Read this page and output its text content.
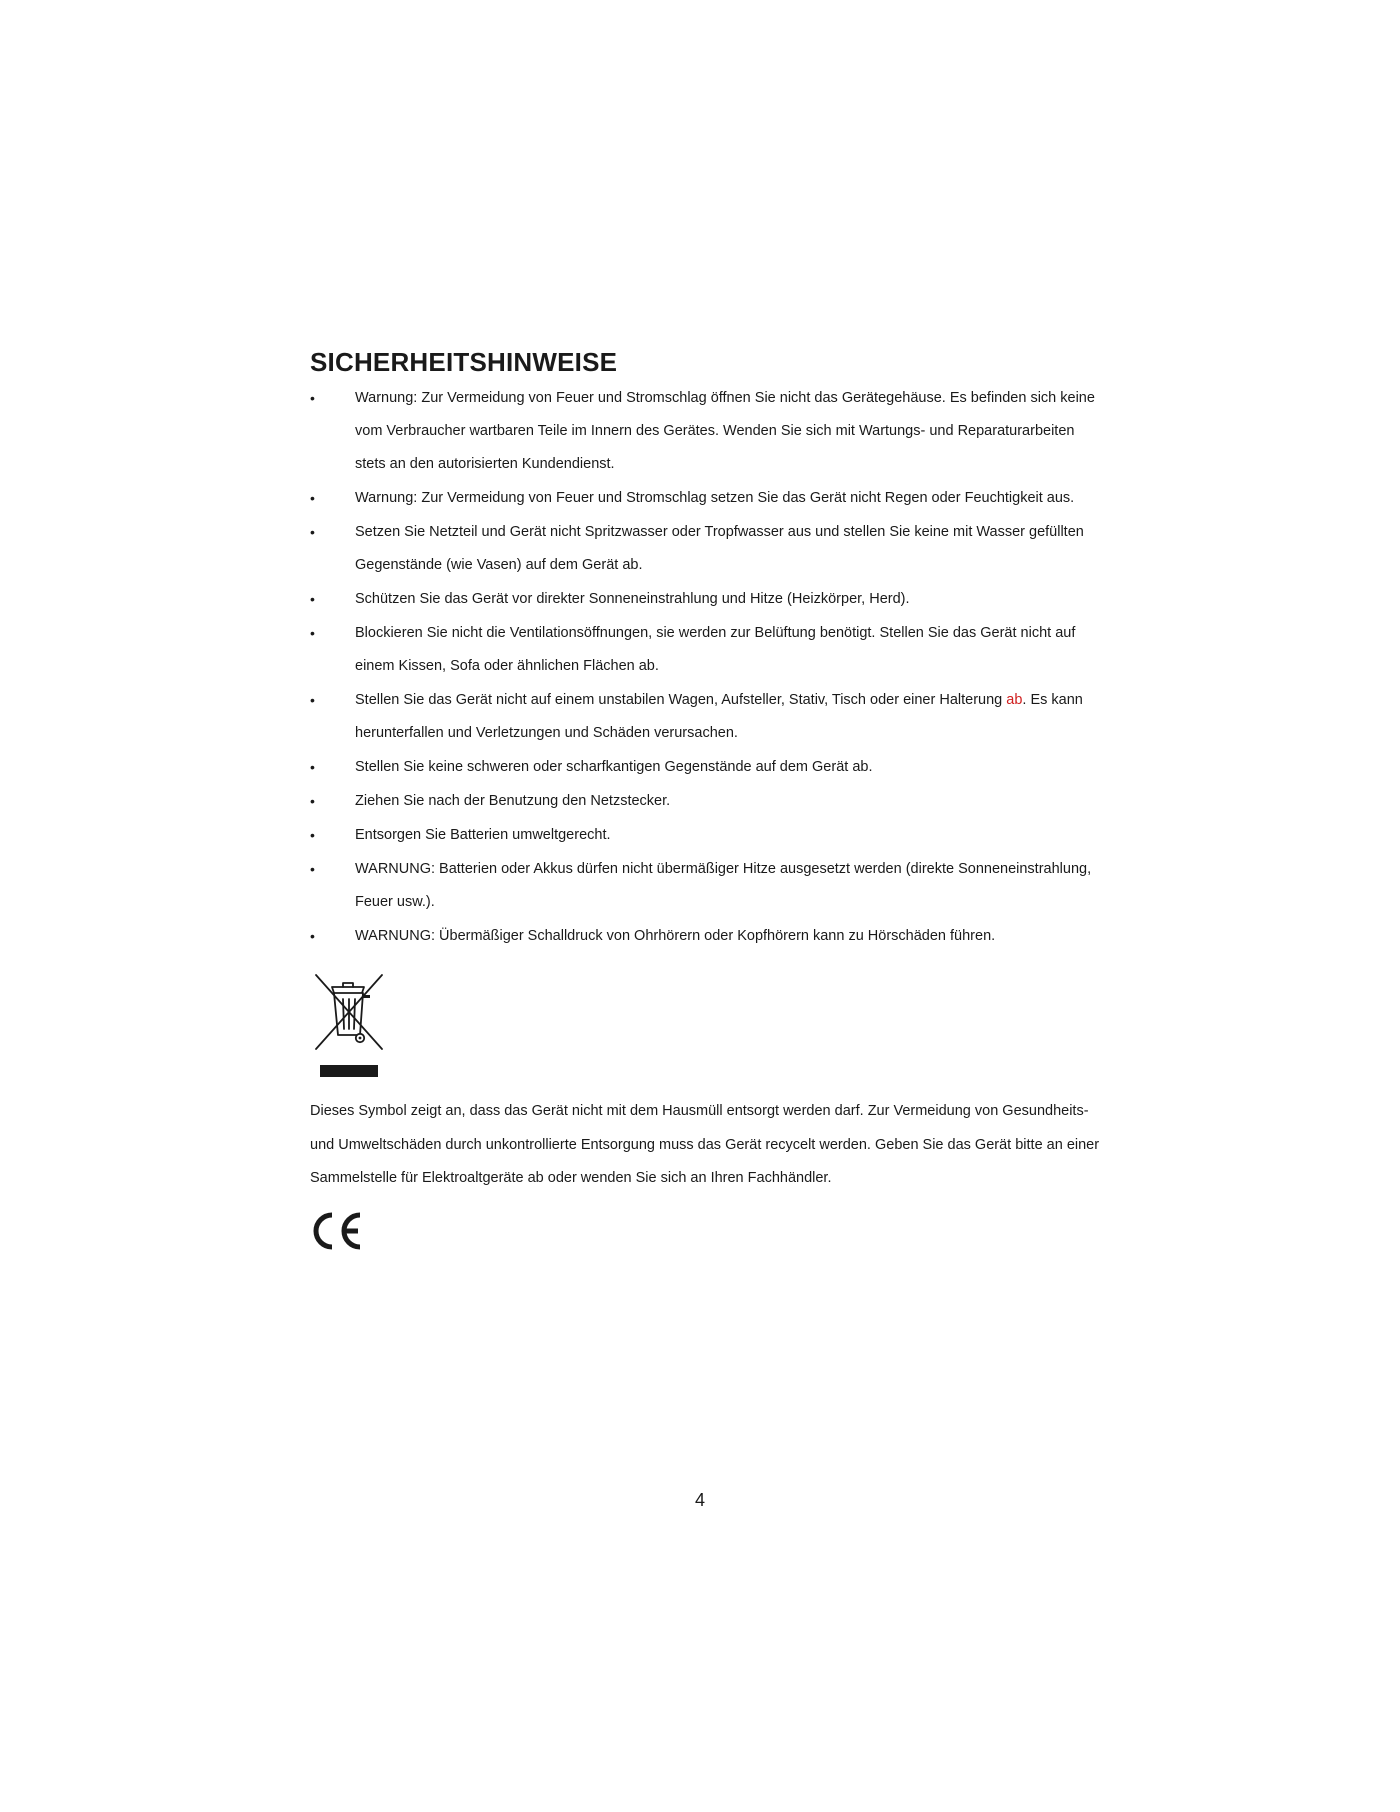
SICHERHEITSHINWEISE
•	Warnung: Zur Vermeidung von Feuer und Stromschlag öffnen Sie nicht das Gerätegehäuse. Es befinden sich keine vom Verbraucher wartbaren Teile im Innern des Gerätes. Wenden Sie sich mit Wartungs- und Reparaturarbeiten stets an den autorisierten Kundendienst.
•	Warnung: Zur Vermeidung von Feuer und Stromschlag setzen Sie das Gerät nicht Regen oder Feuchtigkeit aus.
•	Setzen Sie Netzteil und Gerät nicht Spritzwasser oder Tropfwasser aus und stellen Sie keine mit Wasser gefüllten Gegenstände (wie Vasen) auf dem Gerät ab.
•	Schützen Sie das Gerät vor direkter Sonneneinstrahlung und Hitze (Heizkörper, Herd).
•	Blockieren Sie nicht die Ventilationsöffnungen, sie werden zur Belüftung benötigt. Stellen Sie das Gerät nicht auf einem Kissen, Sofa oder ähnlichen Flächen ab.
•	Stellen Sie das Gerät nicht auf einem unstabilen Wagen, Aufsteller, Stativ, Tisch oder einer Halterung ab. Es kann herunterfallen und Verletzungen und Schäden verursachen.
•	Stellen Sie keine schweren oder scharfkantigen Gegenstände auf dem Gerät ab.
•	Ziehen Sie nach der Benutzung den Netzstecker.
•	Entsorgen Sie Batterien umweltgerecht.
•	WARNUNG: Batterien oder Akkus dürfen nicht übermäßiger Hitze ausgesetzt werden (direkte Sonneneinstrahlung, Feuer usw.).
•	WARNUNG: Übermäßiger Schalldruck von Ohrhörern oder Kopfhörern kann zu Hörschäden führen.

Dieses Symbol zeigt an, dass das Gerät nicht mit dem Hausmüll entsorgt werden darf. Zur Vermeidung von Gesundheits- und Umweltschäden durch unkontrollierte Entsorgung muss das Gerät recycelt werden. Geben Sie das Gerät bitte an einer Sammelstelle für Elektroaltgeräte ab oder wenden Sie sich an Ihren Fachhändler.

4
